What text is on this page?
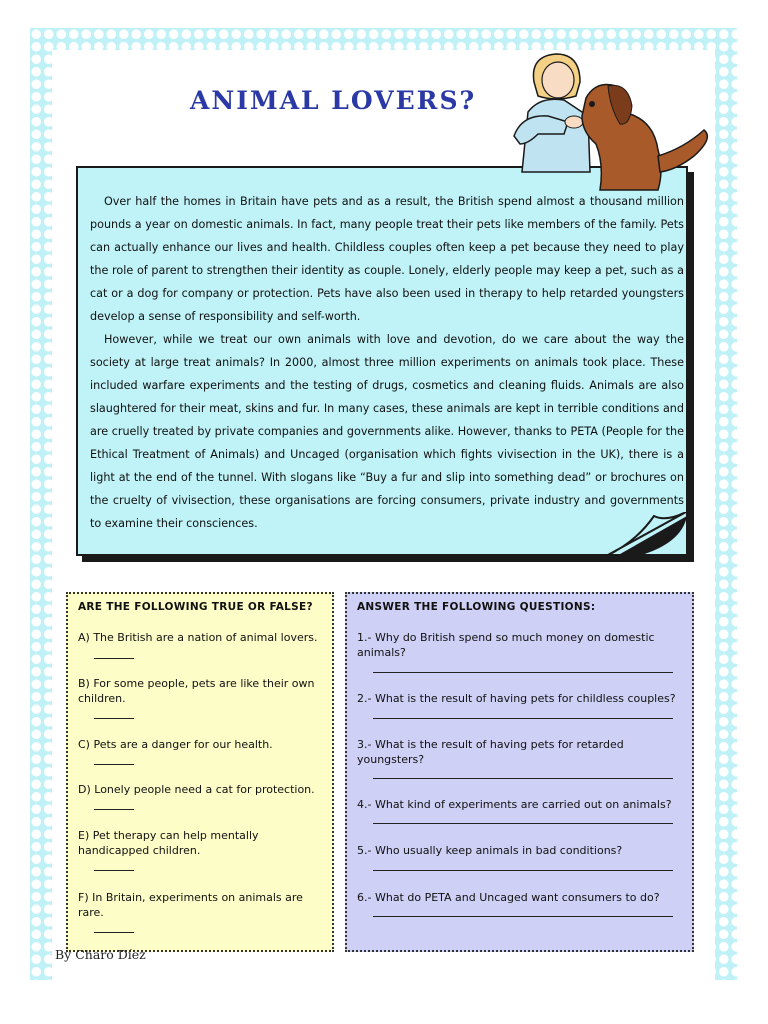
ANIMAL LOVERS?

Over half the homes in Britain have pets and as a result, the British spend almost a thousand million pounds a year on domestic animals. In fact, many people treat their pets like members of the family. Pets can actually enhance our lives and health. Childless couples often keep a pet because they need to play the role of parent to strengthen their identity as couple. Lonely, elderly people may keep a pet, such as a cat or a dog for company or protection. Pets have also been used in therapy to help retarded youngsters develop a sense of responsibility and self-worth.

However, while we treat our own animals with love and devotion, do we care about the way the society at large treat animals? In 2000, almost three million experiments on animals took place. These included warfare experiments and the testing of drugs, cosmetics and cleaning fluids. Animals are also slaughtered for their meat, skins and fur. In many cases, these animals are kept in terrible conditions and are cruelly treated by private companies and governments alike. However, thanks to PETA (People for the Ethical Treatment of Animals) and Uncaged (organisation which fights vivisection in the UK), there is a light at the end of the tunnel. With slogans like “Buy a fur and slip into something dead” or brochures on the cruelty of vivisection, these organisations are forcing consumers, private industry and governments to examine their consciences.

ARE THE FOLLOWING TRUE OR FALSE?
A) The British are a nation of animal lovers.
B) For some people, pets are like their own children.
C) Pets are a danger for our health.
D) Lonely people need a cat for protection.
E) Pet therapy can help mentally handicapped children.
F) In Britain, experiments on animals are rare.
ANSWER THE FOLLOWING QUESTIONS:
1.- Why do British spend so much money on domestic animals?
2.- What is the result of having pets for childless couples?
3.- What is the result of having pets for retarded youngsters?
4.- What kind of experiments are carried out on animals?
5.- Who usually keep animals in bad conditions?
6.- What do PETA and Uncaged want consumers to do?
By Charo Díez
